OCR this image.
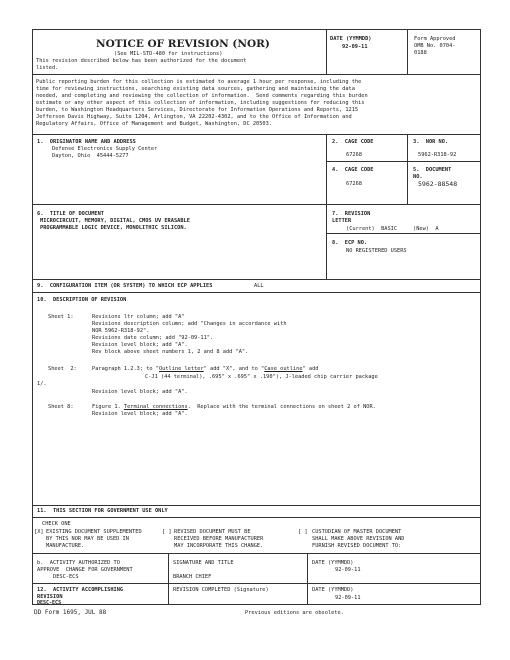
NOTICE OF REVISION (NOR)
(See MIL-STD-480 for instructions)
This revision described below has been authorized for the document
listed.
DATE (YYMMDD)
92-09-11
Form Approved
OMB No. 0704-
0188
Public reporting burden for this collection is estimated to average 1 hour per response, including the
time for reviewing instructions, searching existing data sources, gathering and maintaining the data
needed, and completing and reviewing the collection of information.  Send comments regarding this burden
estimate or any other aspect of this collection of information, including suggestions for reducing this
burden, to Washington Headquarters Services, Directorate for Information Operations and Reports, 1215
Jefferson Davis Highway, Suite 1204, Arlington, VA 22202-4302, and to the Office of Information and
Regulatory Affairs, Office of Management and Budget, Washington, DC 20503.
1.  ORIGINATOR NAME AND ADDRESS
Defense Electronics Supply Center
Dayton, Ohio  45444-5277
2.  CAGE CODE
67268
3.  NOR NO.
5962-R318-92
4.  CAGE CODE
67268
5.  DOCUMENT
NO.
5962-88548
6.  TITLE OF DOCUMENT
MICROCIRCUIT, MEMORY, DIGITAL, CMOS UV ERASABLE
PROGRAMMABLE LOGIC DEVICE, MONOLITHIC SILICON.
7.  REVISION
LETTER
(Current)  BASIC	(New)  A
8.  ECP NO.
NO REGISTERED USERS
9.  CONFIGURATION ITEM (OR SYSTEM) TO WHICH ECP APPLIES	ALL
10.  DESCRIPTION OF REVISION
Sheet 1:	Revisions ltr column; add "A"
Revisions description column; add "Changes in accordance with
NOR 5962-R318-92".
Revisions date column; add "92-09-11".
Revision level block; add "A".
Rev block above sheet numbers 1, 2 and 8 add "A".
Sheet  2:	Paragraph 1.2.3; to "Outline letter" add "X", and to "Case outline" add
C-J1 (44 terminal), .695" x .695" x .190"), J-leaded chip carrier package
1/.
Revision level block; add "A".
Sheet 8:	Figure 1. Terminal connections.  Replace with the terminal connections on sheet 2 of NOR.
Revision level block; add "A".
11.  THIS SECTION FOR GOVERNMENT USE ONLY
CHECK ONE
[X] EXISTING DOCUMENT SUPPLEMENTED
BY THIS NOR MAY BE USED IN
MANUFACTURE.
[ ] REVISED DOCUMENT MUST BE
RECEIVED BEFORE MANUFACTURER
MAY INCORPORATE THIS CHANGE.
[ ] CUSTODIAN OF MASTER DOCUMENT
SHALL MAKE ABOVE REVISION AND
FURNISH REVISED DOCUMENT TO:
b.  ACTIVITY AUTHORIZED TO
APPROVE  CHANGE FOR GOVERNMENT
DESC-ECS
SIGNATURE AND TITLE
BRANCH CHIEF
DATE (YYMMDD)
92-09-11
12.  ACTIVITY ACCOMPLISHING
REVISION
DESC-ECS
REVISION COMPLETED (Signature)	DATE (YYMMDD)
92-09-11
DD Form 1695, JUL 88	Previous editions are obsolete.
